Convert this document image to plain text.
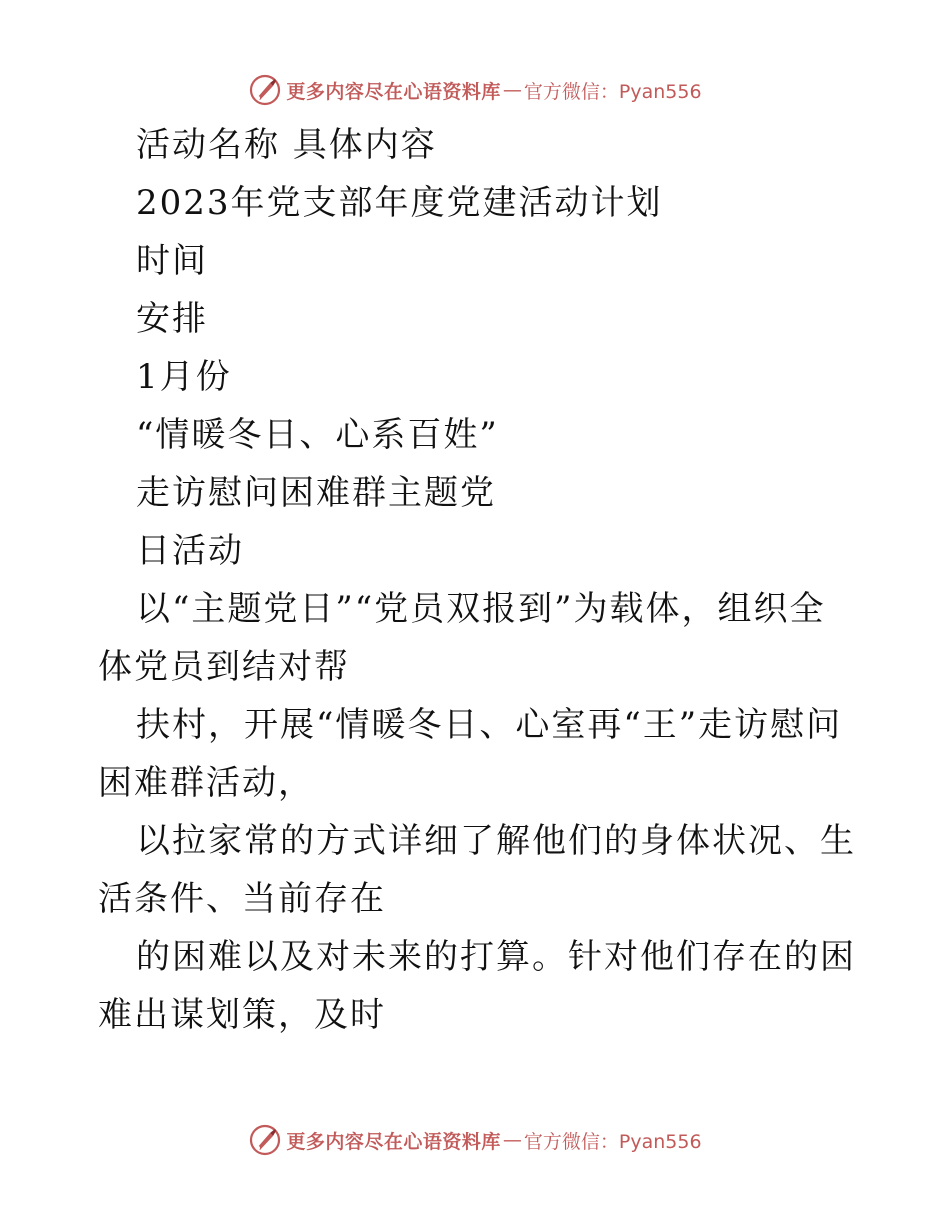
更多内容尽在心语资料库 — 官方微信：Pyan556
活动名称 具体内容
2023年党支部年度党建活动计划
时间
安排
1月份
“情暖冬日、心系百姓”
走访慰问困难群主题党
日活动
以“主题党日”“党员双报到”为载体，组织全体党员到结对帮
扶村，开展“情暖冬日、心室再“王”走访慰问困难群活动，
以拉家常的方式详细了解他们的身体状况、生活条件、当前存在
的困难以及对未来的打算。针对他们存在的困难出谋划策，及时
更多内容尽在心语资料库 — 官方微信：Pyan556
